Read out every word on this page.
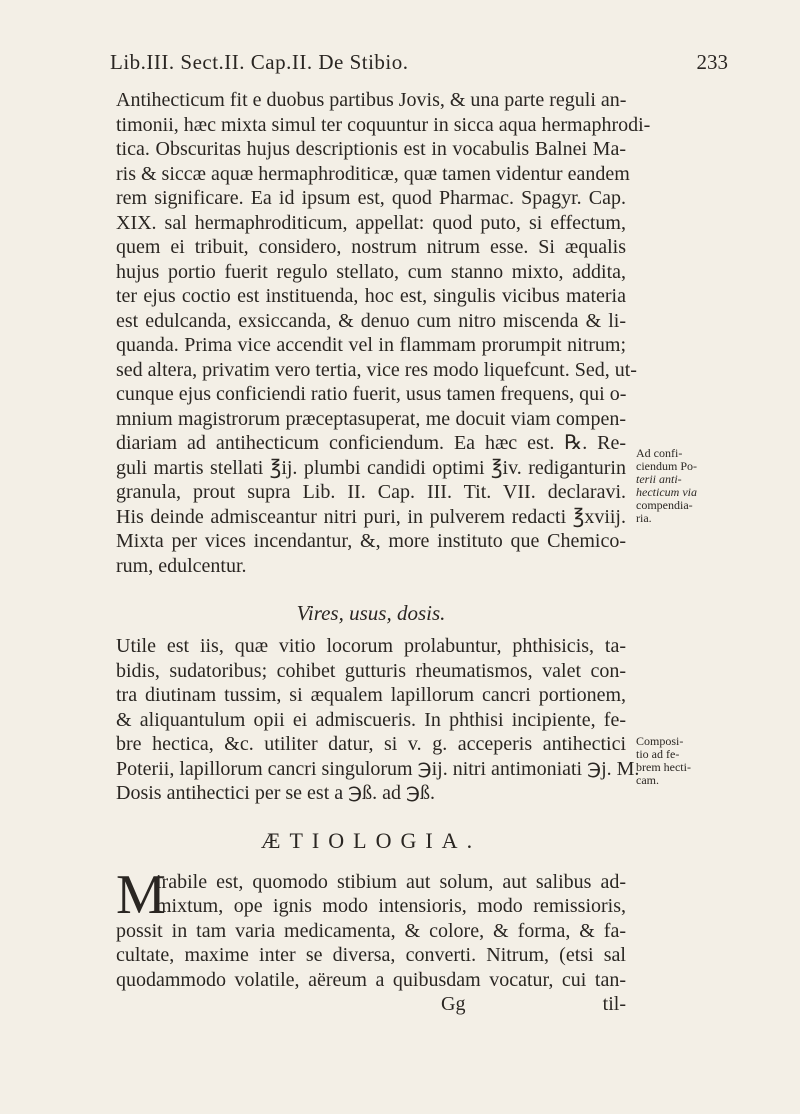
Lib.III. Sect.II. Cap.II. De Stibio.	233
Antihecticum fit e duobus partibus Jovis, & una parte reguli an-
timonii, hæc mixta simul ter coquuntur in sicca aqua hermaphrodi-
tica. Obscuritas hujus descriptionis est in vocabulis Balnei Ma-
ris & siccæ aquæ hermaphroditicæ, quæ tamen videntur eandem
rem significare. Ea id ipsum est, quod Pharmac. Spagyr. Cap.
XIX. sal hermaphroditicum, appellat: quod puto, si effectum,
quem ei tribuit, considero, nostrum nitrum esse. Si æqualis
hujus portio fuerit regulo stellato, cum stanno mixto, addita,
ter ejus coctio est instituenda, hoc est, singulis vicibus materia
est edulcanda, exsiccanda, & denuo cum nitro miscenda & li-
quanda. Prima vice accendit vel in flammam prorumpit nitrum;
sed altera, privatim vero tertia, vice res modo liquefcunt. Sed, ut-
cunque ejus conficiendi ratio fuerit, usus tamen frequens, qui o-
mnium magistrorum præceptasuperat, me docuit viam compen-
diariam ad antihecticum conficiendum. Ea hæc est. ℞. Re-
guli martis stellati ℥ij. plumbi candidi optimi ℥iv. rediganturin
granula, prout supra Lib. II. Cap. III. Tit. VII. declaravi.
His deinde admisceantur nitri puri, in pulverem redacti ℥xviij.
Mixta per vices incendantur, &, more instituto que Chemico-
rum, edulcentur.
Vires, usus, dosis.
Utile est iis, quæ vitio locorum prolabuntur, phthisicis, ta-
bidis, sudatoribus; cohibet gutturis rheumatismos, valet con-
tra diutinam tussim, si æqualem lapillorum cancri portionem,
& aliquantulum opii ei admiscueris. In phthisi incipiente, fe-
bre hectica, &c. utiliter datur, si v. g. acceperis antihectici
Poterii, lapillorum cancri singulorum ℈ij. nitri antimoniati ℈j. M.
Dosis antihectici per se est a ℈ß. ad ℈ß.
ÆTIOLOGIA.
M
irabile est, quomodo stibium aut solum, aut salibus ad-
mixtum, ope ignis modo intensioris, modo remissioris,
possit in tam varia medicamenta, & colore, & forma, & fa-
cultate, maxime inter se diversa, converti. Nitrum, (etsi sal
quodammodo volatile, aëreum a quibusdam vocatur, cui tan-
Gg	til-
Ad confi-
ciendum Po-
terii anti-
hecticum via
compendia-
ria.
Composi-
tio ad fe-
brem hecti-
cam.
